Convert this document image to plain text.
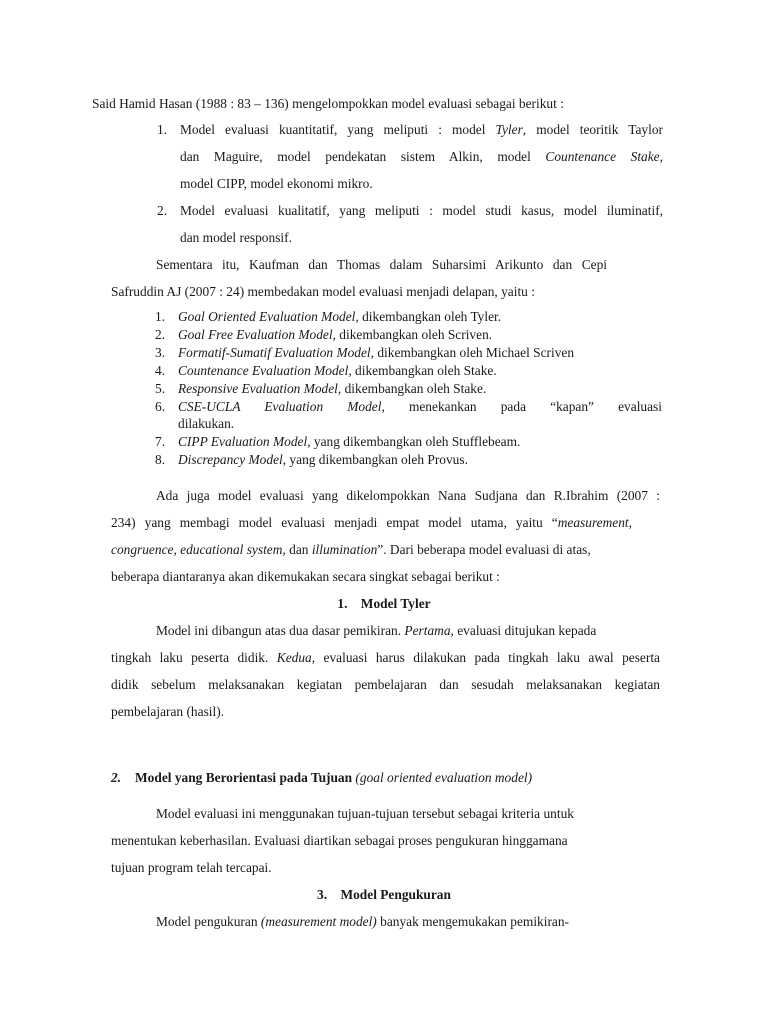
Said Hamid Hasan (1988 : 83 – 136) mengelompokkan model evaluasi sebagai berikut :
1. Model evaluasi kuantitatif, yang meliputi : model Tyler, model teoritik Taylor
dan Maguire, model pendekatan sistem Alkin, model Countenance Stake,
model CIPP, model ekonomi mikro.
2. Model evaluasi kualitatif, yang meliputi : model studi kasus, model iluminatif,
dan model responsif.
Sementara itu, Kaufman dan Thomas dalam Suharsimi Arikunto dan Cepi
Safruddin AJ (2007 : 24) membedakan model evaluasi menjadi delapan, yaitu :
1. Goal Oriented Evaluation Model, dikembangkan oleh Tyler.
2. Goal Free Evaluation Model, dikembangkan oleh Scriven.
3. Formatif-Sumatif Evaluation Model, dikembangkan oleh Michael Scriven
4. Countenance Evaluation Model, dikembangkan oleh Stake.
5. Responsive Evaluation Model, dikembangkan oleh Stake.
6. CSE-UCLA Evaluation Model, menekankan pada “kapan” evaluasi
dilakukan.
7. CIPP Evaluation Model, yang dikembangkan oleh Stufflebeam.
8. Discrepancy Model, yang dikembangkan oleh Provus.
Ada juga model evaluasi yang dikelompokkan Nana Sudjana dan R.Ibrahim (2007 :
234) yang membagi model evaluasi menjadi empat model utama, yaitu “measurement,
congruence, educational system, dan illumination”. Dari beberapa model evaluasi di atas,
beberapa diantaranya akan dikemukakan secara singkat sebagai berikut :
1.    Model Tyler
Model ini dibangun atas dua dasar pemikiran. Pertama, evaluasi ditujukan kepada
tingkah laku peserta didik. Kedua, evaluasi harus dilakukan pada tingkah laku awal peserta
didik sebelum melaksanakan kegiatan pembelajaran dan sesudah melaksanakan kegiatan
pembelajaran (hasil).
2. Model yang Berorientasi pada Tujuan (goal oriented evaluation model)
Model evaluasi ini menggunakan tujuan-tujuan tersebut sebagai kriteria untuk
menentukan keberhasilan. Evaluasi diartikan sebagai proses pengukuran hinggamana
tujuan program telah tercapai.
3.    Model Pengukuran
Model pengukuran (measurement model) banyak mengemukakan pemikiran-
